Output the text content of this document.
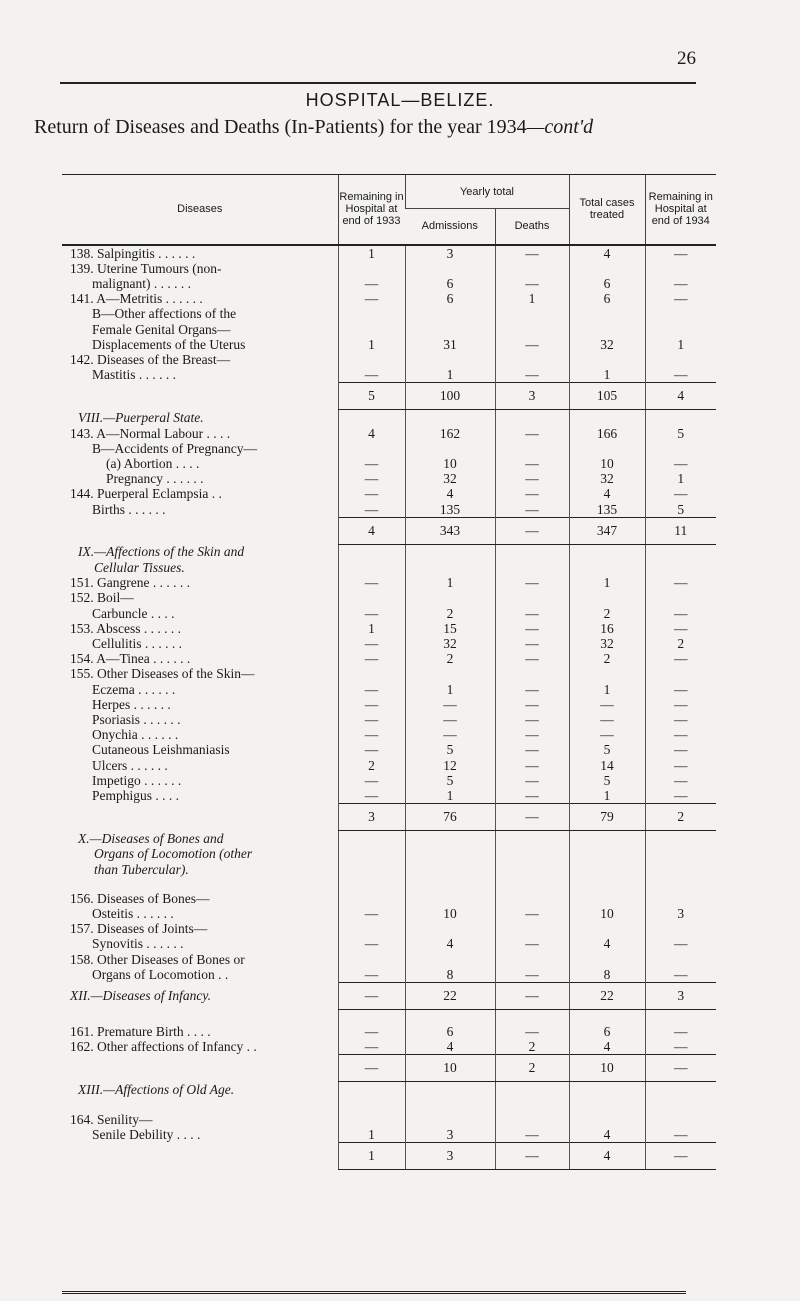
26
HOSPITAL—BELIZE.
Return of Diseases and Deaths (In-Patients) for the year 1934—cont'd
Diseases	Remaining in Hospital at end of 1933	Yearly total		Total cases treated	Remaining in Hospital at end of 1934
		Admissions	Deaths		
138. Salpingitis . . . . . .	1	3	—	4	—
139. Uterine Tumours (non-					
malignant) . . . . . .	—	6	—	6	—
141. A—Metritis . . . . . .	—	6	1	6	—
B—Other affections of the					
Female Genital Organs—					
Displacements of the Uterus	1	31	—	32	1
142. Diseases of the Breast—					
Mastitis . . . . . .	—	1	—	1	—
	5	100	3	105	4
VIII.—Puerperal State.					
143. A—Normal Labour . . . .	4	162	—	166	5
B—Accidents of Pregnancy—					
(a) Abortion . . . .	—	10	—	10	—
Pregnancy . . . . . .	—	32	—	32	1
144. Puerperal Eclampsia . .	—	4	—	4	—
Births . . . . . .	—	135	—	135	5
	4	343	—	347	11
IX.—Affections of the Skin and					
Cellular Tissues.					
151. Gangrene . . . . . .	—	1	—	1	—
152. Boil—					
Carbuncle . . . .	—	2	—	2	—
153. Abscess . . . . . .	1	15	—	16	—
Cellulitis . . . . . .	—	32	—	32	2
154. A—Tinea . . . . . .	—	2	—	2	—
155. Other Diseases of the Skin—					
Eczema . . . . . .	—	1	—	1	—
Herpes . . . . . .	—	—	—	—	—
Psoriasis . . . . . .	—	—	—	—	—
Onychia . . . . . .	—	—	—	—	—
Cutaneous Leishmaniasis	—	5	—	5	—
Ulcers . . . . . .	2	12	—	14	—
Impetigo . . . . . .	—	5	—	5	—
Pemphigus . . . .	—	1	—	1	—
	3	76	—	79	2
X.—Diseases of Bones and					
Organs of Locomotion (other					
than Tubercular).					

156. Diseases of Bones—					
Osteitis . . . . . .	—	10	—	10	3
157. Diseases of Joints—					
Synovitis . . . . . .	—	4	—	4	—
158. Other Diseases of Bones or					
Organs of Locomotion . .	—	8	—	8	—
XII.—Diseases of Infancy.	—	22	—	22	3

161. Premature Birth . . . .	—	6	—	6	—
162. Other affections of Infancy . .	—	4	2	4	—
	—	10	2	10	—
XIII.—Affections of Old Age.					

164. Senility—					
Senile Debility . . . .	1	3	—	4	—
	1	3	—	4	—
